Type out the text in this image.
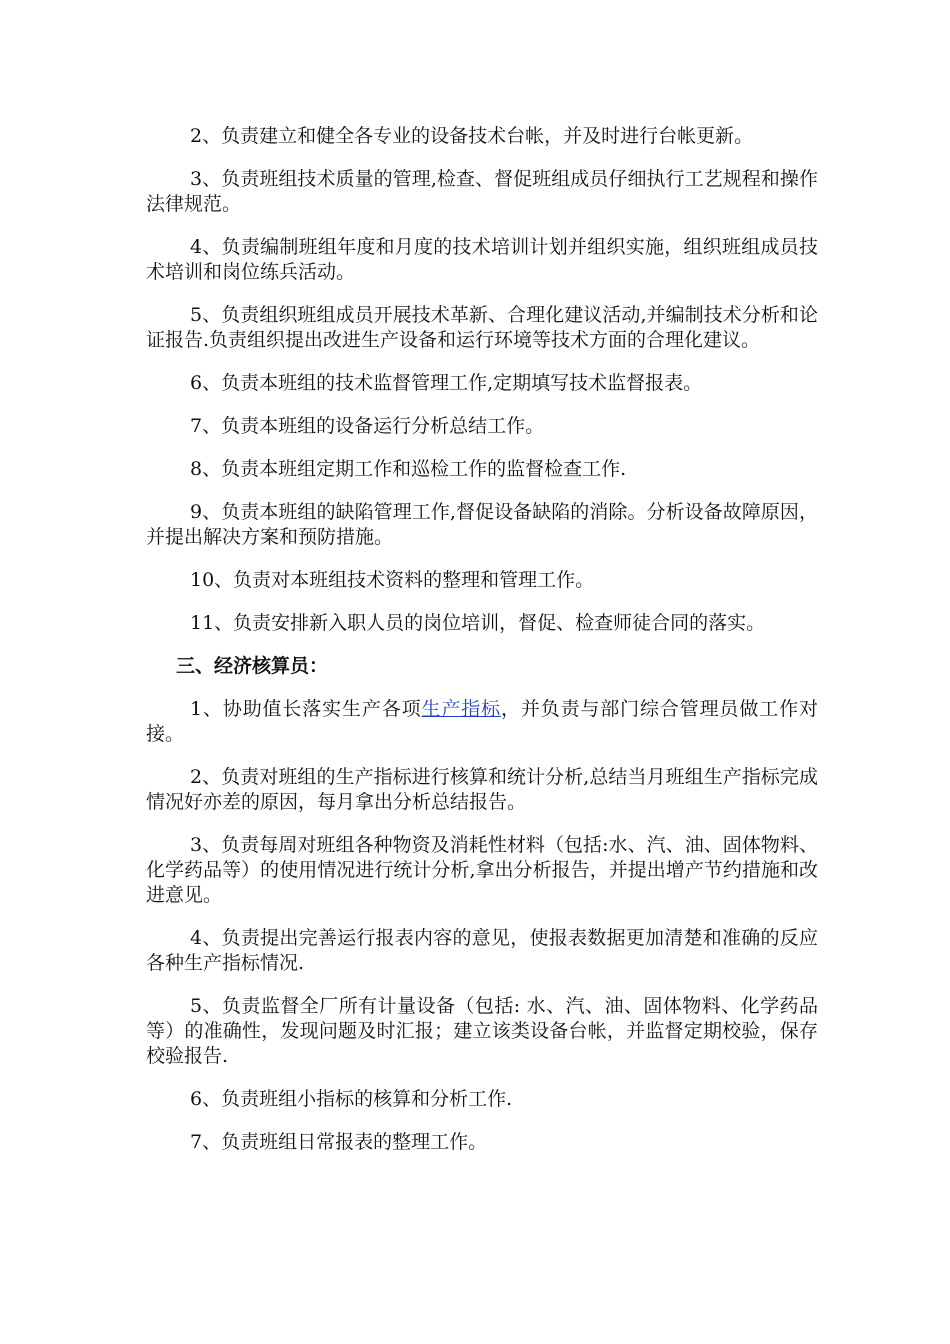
2、负责建立和健全各专业的设备技术台帐，并及时进行台帐更新。

3、负责班组技术质量的管理,检查、督促班组成员仔细执行工艺规程和操作法律规范。

4、负责编制班组年度和月度的技术培训计划并组织实施，组织班组成员技术培训和岗位练兵活动。

5、负责组织班组成员开展技术革新、合理化建议活动,并编制技术分析和论证报告.负责组织提出改进生产设备和运行环境等技术方面的合理化建议。

6、负责本班组的技术监督管理工作,定期填写技术监督报表。

7、负责本班组的设备运行分析总结工作。

8、负责本班组定期工作和巡检工作的监督检查工作.

9、负责本班组的缺陷管理工作,督促设备缺陷的消除。分析设备故障原因，并提出解决方案和预防措施。

10、负责对本班组技术资料的整理和管理工作。

11、负责安排新入职人员的岗位培训，督促、检查师徒合同的落实。

三、经济核算员：

1、协助值长落实生产各项生产指标，并负责与部门综合管理员做工作对接。

2、负责对班组的生产指标进行核算和统计分析,总结当月班组生产指标完成情况好亦差的原因，每月拿出分析总结报告。

3、负责每周对班组各种物资及消耗性材料（包括:水、汽、油、固体物料、化学药品等）的使用情况进行统计分析,拿出分析报告，并提出增产节约措施和改进意见。

4、负责提出完善运行报表内容的意见，使报表数据更加清楚和准确的反应各种生产指标情况.

5、负责监督全厂所有计量设备（包括: 水、汽、油、固体物料、化学药品等）的准确性，发现问题及时汇报；建立该类设备台帐，并监督定期校验，保存校验报告.

6、负责班组小指标的核算和分析工作.

7、负责班组日常报表的整理工作。
